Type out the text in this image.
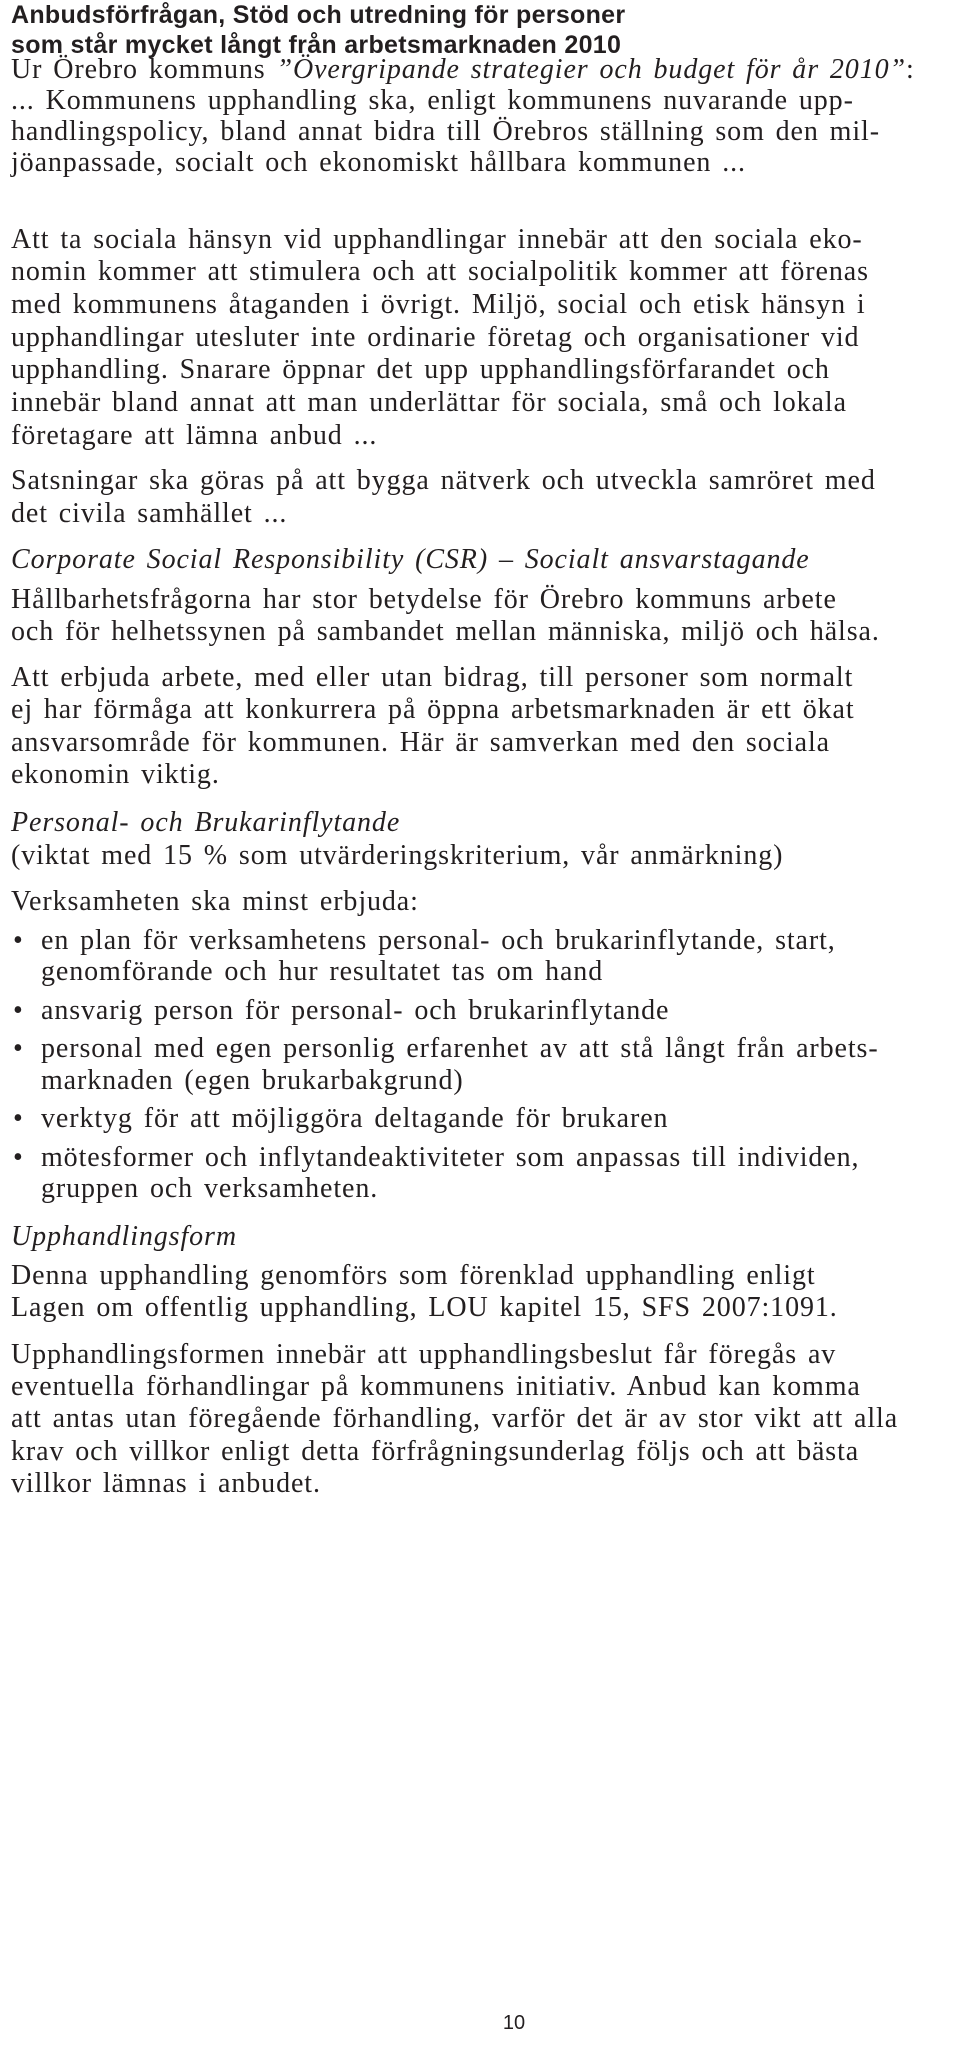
Anbudsförfrågan, Stöd och utredning för personer
som står mycket långt från arbetsmarknaden 2010
Ur Örebro kommuns ”Övergripande strategier och budget för år 2010”:
... Kommunens upphandling ska, enligt kommunens nuvarande upp-
handlingspolicy, bland annat bidra till Örebros ställning som den mil-
jöanpassade, socialt och ekonomiskt hållbara kommunen ...
Att ta sociala hänsyn vid upphandlingar innebär att den sociala eko-
nomin kommer att stimulera och att socialpolitik kommer att förenas
med kommunens åtaganden i övrigt. Miljö, social och etisk hänsyn i
upphandlingar utesluter inte ordinarie företag och organisationer vid
upphandling. Snarare öppnar det upp upphandlingsförfarandet och
innebär bland annat att man underlättar för sociala, små och lokala
företagare att lämna anbud ...
Satsningar ska göras på att bygga nätverk och utveckla samröret med
det civila samhället ...
Corporate Social Responsibility (CSR) – Socialt ansvarstagande
Hållbarhetsfrågorna har stor betydelse för Örebro kommuns arbete
och för helhetssynen på sambandet mellan människa, miljö och hälsa.
Att erbjuda arbete, med eller utan bidrag, till personer som normalt
ej har förmåga att konkurrera på öppna arbetsmarknaden är ett ökat
ansvarsområde för kommunen. Här är samverkan med den sociala
ekonomin viktig.
Personal- och Brukarinflytande
(viktat med 15 % som utvärderingskriterium, vår anmärkning)
Verksamheten ska minst erbjuda:
• en plan för verksamhetens personal- och brukarinflytande, start,
genomförande och hur resultatet tas om hand
• ansvarig person för personal- och brukarinflytande
• personal med egen personlig erfarenhet av att stå långt från arbets-
marknaden (egen brukarbakgrund)
• verktyg för att möjliggöra deltagande för brukaren
• mötesformer och inflytandeaktiviteter som anpassas till individen,
gruppen och verksamheten.
Upphandlingsform
Denna upphandling genomförs som förenklad upphandling enligt
Lagen om offentlig upphandling, LOU kapitel 15, SFS 2007:1091.
Upphandlingsformen innebär att upphandlingsbeslut får föregås av
eventuella förhandlingar på kommunens initiativ. Anbud kan komma
att antas utan föregående förhandling, varför det är av stor vikt att alla
krav och villkor enligt detta förfrågningsunderlag följs och att bästa
villkor lämnas i anbudet.
10
